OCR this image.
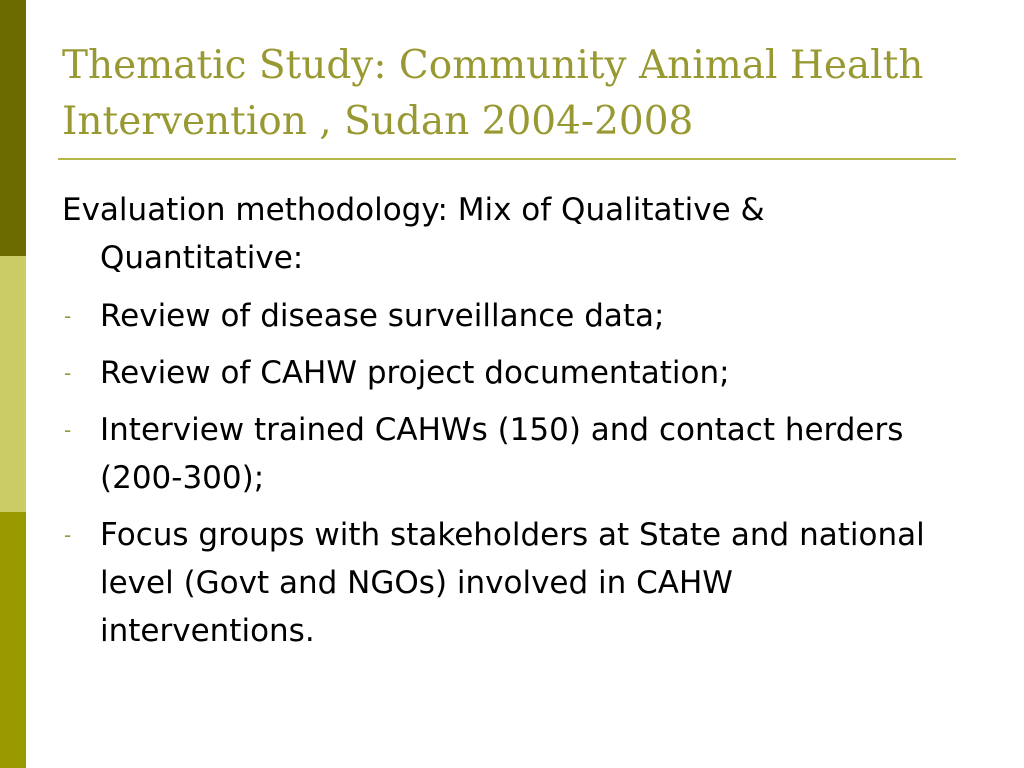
Thematic Study: Community Animal Health
Intervention , Sudan 2004-2008

Evaluation methodology: Mix of Qualitative & Quantitative:

- Review of disease surveillance data;
- Review of CAHW project documentation;
- Interview trained CAHWs (150) and contact herders (200-300);
- Focus groups with stakeholders at State and national level (Govt and NGOs) involved in CAHW interventions.
